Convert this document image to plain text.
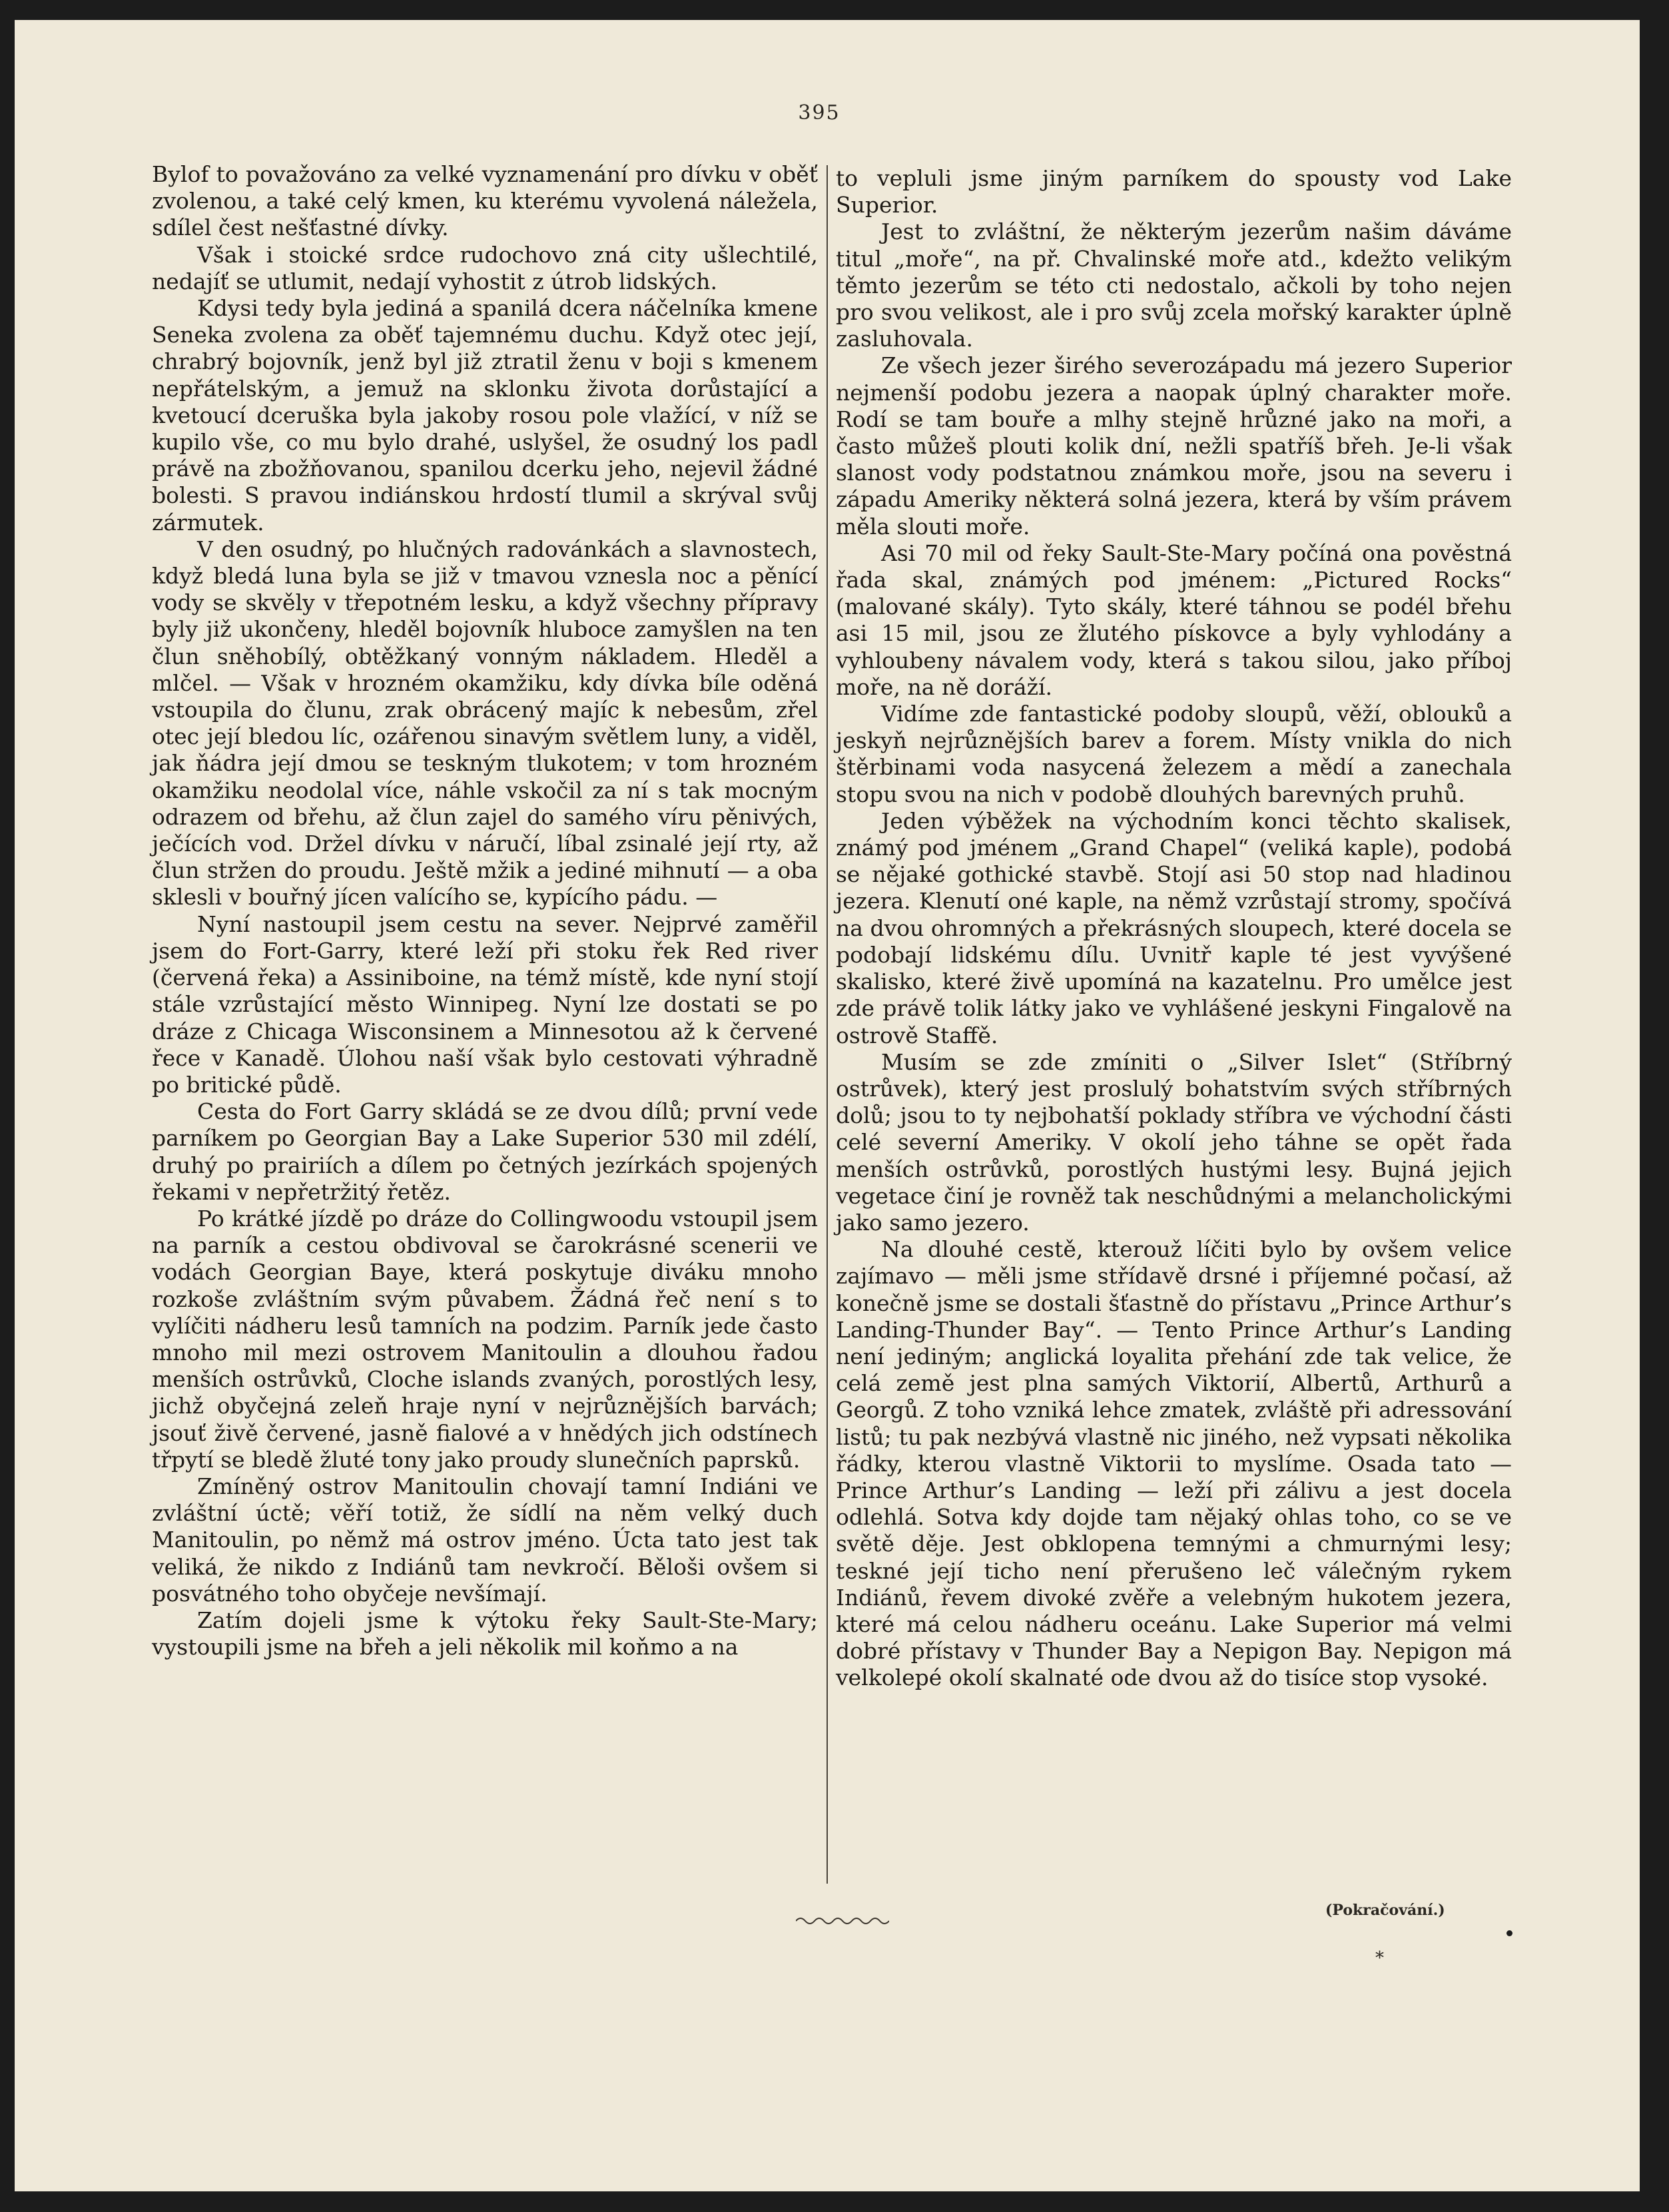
395

Bylof to považováno za velké vyznamenání pro dívku v oběť zvolenou, a také celý kmen, ku kterému vyvolená náležela, sdílel čest nešťastné dívky.

Však i stoické srdce rudochovo zná city ušlechtilé, nedajíť se utlumit, nedají vyhostit z útrob lidských.

Kdysi tedy byla jediná a spanilá dcera náčelníka kmene Seneka zvolena za oběť tajemnému duchu. Když otec její, chrabrý bojovník, jenž byl již ztratil ženu v boji s kmenem nepřátelským, a jemuž na sklonku života dorůstající a kvetoucí dceruška byla jakoby rosou pole vlažící, v níž se kupilo vše, co mu bylo drahé, uslyšel, že osudný los padl právě na zbožňovanou, spanilou dcerku jeho, nejevil žádné bolesti. S pravou indiánskou hrdostí tlumil a skrýval svůj zármutek.

V den osudný, po hlučných radovánkách a slavnostech, když bledá luna byla se již v tmavou vznesla noc a pěnící vody se skvěly v třepotném lesku, a když všechny přípravy byly již ukončeny, hleděl bojovník hluboce zamyšlen na ten člun sněhobílý, obtěžkaný vonným nákladem. Hleděl a mlčel. — Však v hrozném okamžiku, kdy dívka bíle oděná vstoupila do člunu, zrak obrácený majíc k nebesům, zřel otec její bledou líc, ozářenou sinavým světlem luny, a viděl, jak ňádra její dmou se teskným tlukotem; v tom hrozném okamžiku neodolal více, náhle vskočil za ní s tak mocným odrazem od břehu, až člun zajel do samého víru pěnivých, ječících vod. Držel dívku v náručí, líbal zsinalé její rty, až člun stržen do proudu. Ještě mžik a jediné mihnutí — a oba sklesli v bouřný jícen valícího se, kypícího pádu. —

Nyní nastoupil jsem cestu na sever. Nejprvé zaměřil jsem do Fort-Garry, které leží při stoku řek Red river (červená řeka) a Assiniboine, na témž místě, kde nyní stojí stále vzrůstající město Winnipeg. Nyní lze dostati se po dráze z Chicaga Wisconsinem a Minnesotou až k červené řece v Kanadě. Úlohou naší však bylo cestovati výhradně po britické půdě.

Cesta do Fort Garry skládá se ze dvou dílů; první vede parníkem po Georgian Bay a Lake Superior 530 mil zdélí, druhý po prairiích a dílem po četných jezírkách spojených řekami v nepřetržitý řetěz.

Po krátké jízdě po dráze do Collingwoodu vstoupil jsem na parník a cestou obdivoval se čarokrásné scenerii ve vodách Georgian Baye, která poskytuje diváku mnoho rozkoše zvláštním svým půvabem. Žádná řeč není s to vylíčiti nádheru lesů tamních na podzim. Parník jede často mnoho mil mezi ostrovem Manitoulin a dlouhou řadou menších ostrůvků, Cloche islands zvaných, porostlých lesy, jichž obyčejná zeleň hraje nyní v nejrůznějších barvách; jsouť živě červené, jasně fialové a v hnědých jich odstínech třpytí se bledě žluté tony jako proudy slunečních paprsků.

Zmíněný ostrov Manitoulin chovají tamní Indiáni ve zvláštní úctě; věří totiž, že sídlí na něm velký duch Manitoulin, po němž má ostrov jméno. Úcta tato jest tak veliká, že nikdo z Indiánů tam nevkročí. Běloši ovšem si posvátného toho obyčeje nevšímají.

Zatím dojeli jsme k výtoku řeky Sault-Ste-Mary; vystoupili jsme na břeh a jeli několik mil koňmo a na

to vepluli jsme jiným parníkem do spousty vod Lake Superior.

Jest to zvláštní, že některým jezerům našim dáváme titul „moře“, na př. Chvalinské moře atd., kdežto velikým těmto jezerům se této cti nedostalo, ačkoli by toho nejen pro svou velikost, ale i pro svůj zcela mořský karakter úplně zasluhovala.

Ze všech jezer širého severozápadu má jezero Superior nejmenší podobu jezera a naopak úplný charakter moře. Rodí se tam bouře a mlhy stejně hrůzné jako na moři, a často můžeš plouti kolik dní, nežli spatříš břeh. Je-li však slanost vody podstatnou známkou moře, jsou na severu i západu Ameriky některá solná jezera, která by vším právem měla slouti moře.

Asi 70 mil od řeky Sault-Ste-Mary počíná ona pověstná řada skal, známých pod jménem: „Pictured Rocks“ (malované skály). Tyto skály, které táhnou se podél břehu asi 15 mil, jsou ze žlutého pískovce a byly vyhlodány a vyhloubeny návalem vody, která s takou silou, jako příboj moře, na ně doráží.

Vidíme zde fantastické podoby sloupů, věží, oblouků a jeskyň nejrůznějších barev a forem. Místy vnikla do nich štěrbinami voda nasycená železem a mědí a zanechala stopu svou na nich v podobě dlouhých barevných pruhů.

Jeden výběžek na východním konci těchto skalisek, známý pod jménem „Grand Chapel“ (veliká kaple), podobá se nějaké gothické stavbě. Stojí asi 50 stop nad hladinou jezera. Klenutí oné kaple, na němž vzrůstají stromy, spočívá na dvou ohromných a překrásných sloupech, které docela se podobají lidskému dílu. Uvnitř kaple té jest vyvýšené skalisko, které živě upomíná na kazatelnu. Pro umělce jest zde právě tolik látky jako ve vyhlášené jeskyni Fingalově na ostrově Staffě.

Musím se zde zmíniti o „Silver Islet“ (Stříbrný ostrůvek), který jest proslulý bohatstvím svých stříbrných dolů; jsou to ty nejbohatší poklady stříbra ve východní části celé severní Ameriky. V okolí jeho táhne se opět řada menších ostrůvků, porostlých hustými lesy. Bujná jejich vegetace činí je rovněž tak neschůdnými a melancholickými jako samo jezero.

Na dlouhé cestě, kterouž líčiti bylo by ovšem velice zajímavo — měli jsme střídavě drsné i příjemné počasí, až konečně jsme se dostali šťastně do přístavu „Prince Arthur’s Landing-Thunder Bay“. — Tento Prince Arthur’s Landing není jediným; anglická loyalita přehání zde tak velice, že celá země jest plna samých Viktorií, Albertů, Arthurů a Georgů. Z toho vzniká lehce zmatek, zvláště při adressování listů; tu pak nezbývá vlastně nic jiného, než vypsati několika řádky, kterou vlastně Viktorii to myslíme. Osada tato — Prince Arthur’s Landing — leží při zálivu a jest docela odlehlá. Sotva kdy dojde tam nějaký ohlas toho, co se ve světě děje. Jest obklopena temnými a chmurnými lesy; teskné její ticho není přerušeno leč válečným rykem Indiánů, řevem divoké zvěře a velebným hukotem jezera, které má celou nádheru oceánu. Lake Superior má velmi dobré přístavy v Thunder Bay a Nepigon Bay. Nepigon má velkolepé okolí skalnaté ode dvou až do tisíce stop vysoké.

(Pokračování.)
*
